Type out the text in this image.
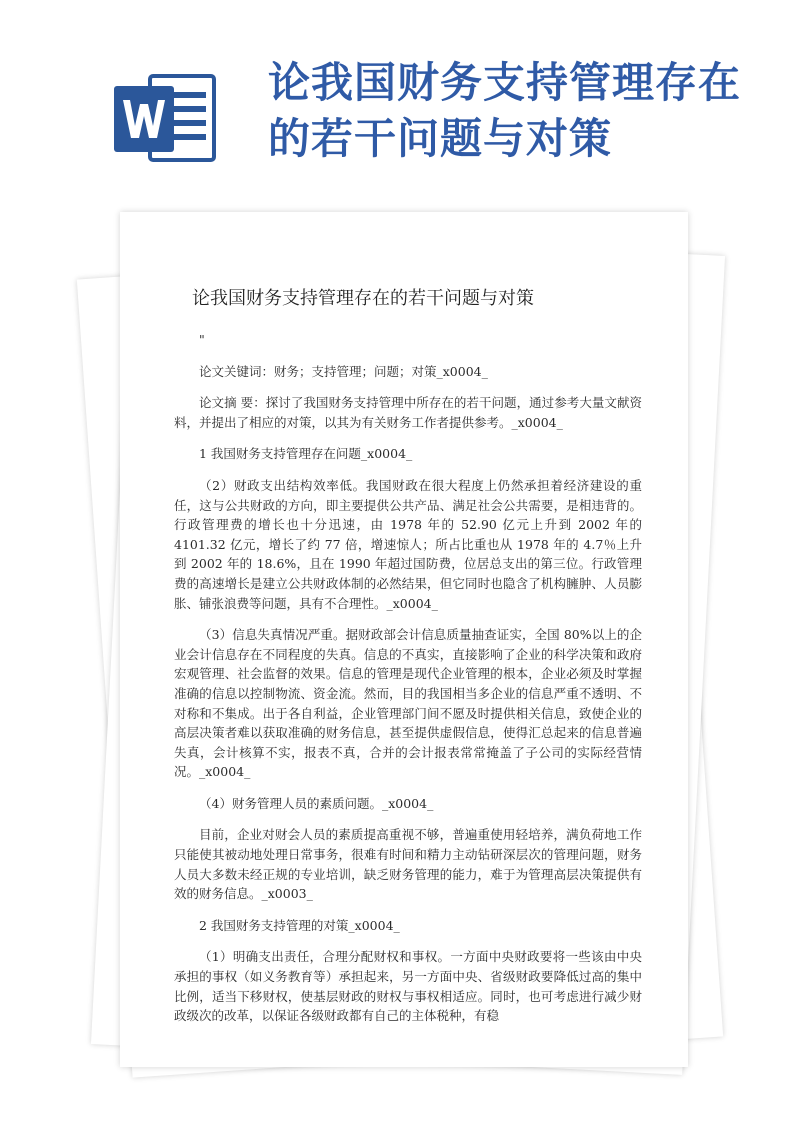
论我国财务支持管理存在的若干问题与对策
论我国财务支持管理存在的若干问题与对策

"

论文关键词：财务；支持管理；问题；对策_x0004_

论文摘 要：探讨了我国财务支持管理中所存在的若干问题，通过参考大量文献资料，并提出了相应的对策，以其为有关财务工作者提供参考。_x0004_

1 我国财务支持管理存在问题_x0004_

（2）财政支出结构效率低。我国财政在很大程度上仍然承担着经济建设的重任，这与公共财政的方向，即主要提供公共产品、满足社会公共需要，是相违背的。行政管理费的增长也十分迅速，由 1978 年的 52.90 亿元上升到 2002 年的 4101.32 亿元，增长了约 77 倍，增速惊人；所占比重也从 1978 年的 4.7％上升到 2002 年的 18.6%，且在 1990 年超过国防费，位居总支出的第三位。行政管理费的高速增长是建立公共财政体制的必然结果，但它同时也隐含了机构臃肿、人员膨胀、铺张浪费等问题，具有不合理性。_x0004_

（3）信息失真情况严重。据财政部会计信息质量抽查证实，全国 80%以上的企业会计信息存在不同程度的失真。信息的不真实，直接影响了企业的科学决策和政府宏观管理、社会监督的效果。信息的管理是现代企业管理的根本，企业必须及时掌握准确的信息以控制物流、资金流。然而，目的我国相当多企业的信息严重不透明、不对称和不集成。出于各自利益，企业管理部门间不愿及时提供相关信息，致使企业的高层决策者难以获取准确的财务信息，甚至提供虚假信息，使得汇总起来的信息普遍失真，会计核算不实，报表不真，合并的会计报表常常掩盖了子公司的实际经营情况。_x0004_

（4）财务管理人员的素质问题。_x0004_

目前，企业对财会人员的素质提高重视不够，普遍重使用轻培养，满负荷地工作只能使其被动地处理日常事务，很难有时间和精力主动钻研深层次的管理问题，财务人员大多数未经正规的专业培训，缺乏财务管理的能力，难于为管理高层决策提供有效的财务信息。_x0003_

2 我国财务支持管理的对策_x0004_

（1）明确支出责任，合理分配财权和事权。一方面中央财政要将一些该由中央承担的事权（如义务教育等）承担起来，另一方面中央、省级财政要降低过高的集中比例，适当下移财权，使基层财政的财权与事权相适应。同时，也可考虑进行减少财政级次的改革，以保证各级财政都有自己的主体税种，有稳
